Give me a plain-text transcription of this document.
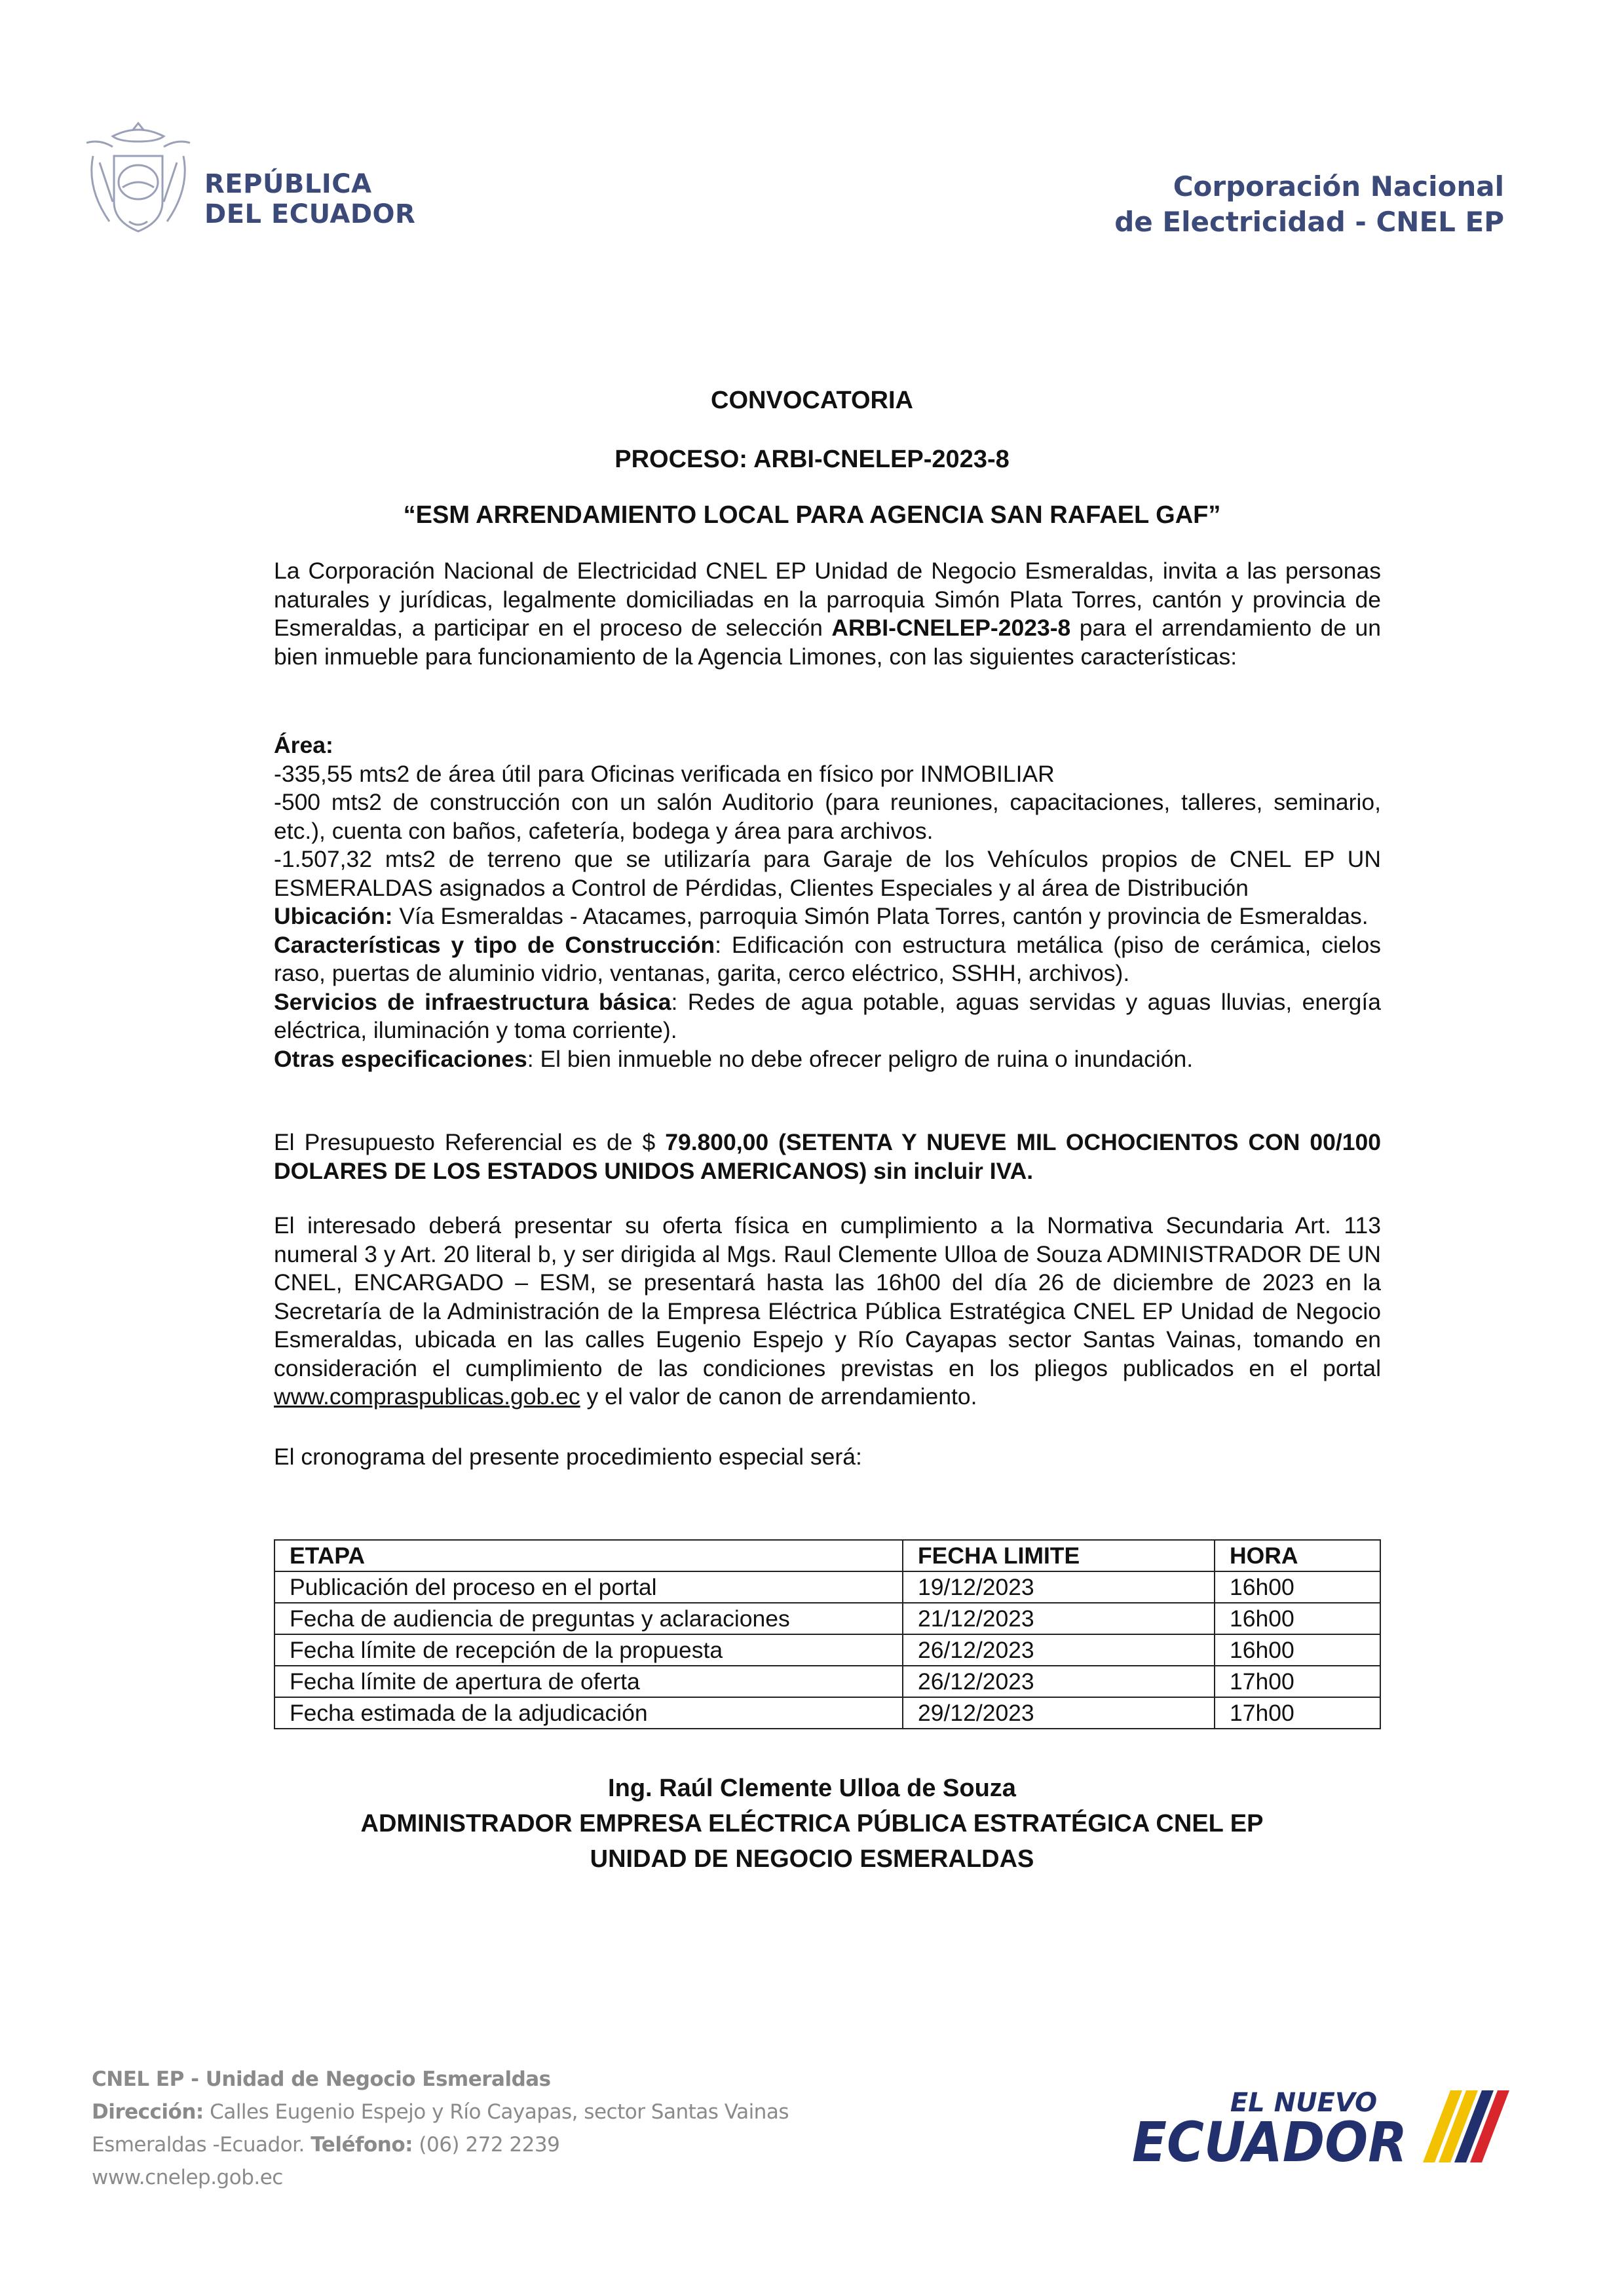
REPÚBLICA
DEL ECUADOR
Corporación Nacional
de Electricidad - CNEL EP
CONVOCATORIA
PROCESO: ARBI-CNELEP-2023-8
“ESM ARRENDAMIENTO LOCAL PARA AGENCIA SAN RAFAEL GAF”

La Corporación Nacional de Electricidad CNEL EP Unidad de Negocio Esmeraldas, invita a las personas naturales y jurídicas, legalmente domiciliadas en la parroquia Simón Plata Torres, cantón y provincia de Esmeraldas, a participar en el proceso de selección ARBI-CNELEP-2023-8 para el arrendamiento de un bien inmueble para funcionamiento de la Agencia Limones, con las siguientes características:

Área:
-335,55 mts2 de área útil para Oficinas verificada en físico por INMOBILIAR
-500 mts2 de construcción con un salón Auditorio (para reuniones, capacitaciones, talleres, seminario, etc.), cuenta con baños, cafetería, bodega y área para archivos.
-1.507,32 mts2 de terreno que se utilizaría para Garaje de los Vehículos propios de CNEL EP UN ESMERALDAS asignados a Control de Pérdidas, Clientes Especiales y al área de Distribución

Ubicación: Vía Esmeraldas - Atacames, parroquia Simón Plata Torres, cantón y provincia de Esmeraldas.

Características y tipo de Construcción: Edificación con estructura metálica (piso de cerámica, cielos raso, puertas de aluminio vidrio, ventanas, garita, cerco eléctrico, SSHH, archivos).

Servicios de infraestructura básica: Redes de agua potable, aguas servidas y aguas lluvias, energía eléctrica, iluminación y toma corriente).

Otras especificaciones: El bien inmueble no debe ofrecer peligro de ruina o inundación.

El Presupuesto Referencial es de $ 79.800,00 (SETENTA Y NUEVE MIL OCHOCIENTOS CON 00/100 DOLARES DE LOS ESTADOS UNIDOS AMERICANOS) sin incluir IVA.

El interesado deberá presentar su oferta física en cumplimiento a la Normativa Secundaria Art. 113 numeral 3 y Art. 20 literal b, y ser dirigida al Mgs. Raul Clemente Ulloa de Souza ADMINISTRADOR DE UN CNEL, ENCARGADO – ESM, se presentará hasta las 16h00 del día 26 de diciembre de 2023 en la Secretaría de la Administración de la Empresa Eléctrica Pública Estratégica CNEL EP Unidad de Negocio Esmeraldas, ubicada en las calles Eugenio Espejo y Río Cayapas sector Santas Vainas, tomando en consideración el cumplimiento de las condiciones previstas en los pliegos publicados en el portal www.compraspublicas.gob.ec y el valor de canon de arrendamiento.

El cronograma del presente procedimiento especial será:
ETAPA	FECHA LIMITE	HORA
Publicación del proceso en el portal	19/12/2023	16h00
Fecha de audiencia de preguntas y aclaraciones	21/12/2023	16h00
Fecha límite de recepción de la propuesta	26/12/2023	16h00
Fecha límite de apertura de oferta	26/12/2023	17h00
Fecha estimada de la adjudicación	29/12/2023	17h00
Ing. Raúl Clemente Ulloa de Souza
ADMINISTRADOR EMPRESA ELÉCTRICA PÚBLICA ESTRATÉGICA CNEL EP
UNIDAD DE NEGOCIO ESMERALDAS
CNEL EP - Unidad de Negocio Esmeraldas
Dirección: Calles Eugenio Espejo y Río Cayapas, sector Santas Vainas
Esmeraldas -Ecuador. Teléfono: (06) 272 2239
www.cnelep.gob.ec
EL NUEVO
ECUADOR
